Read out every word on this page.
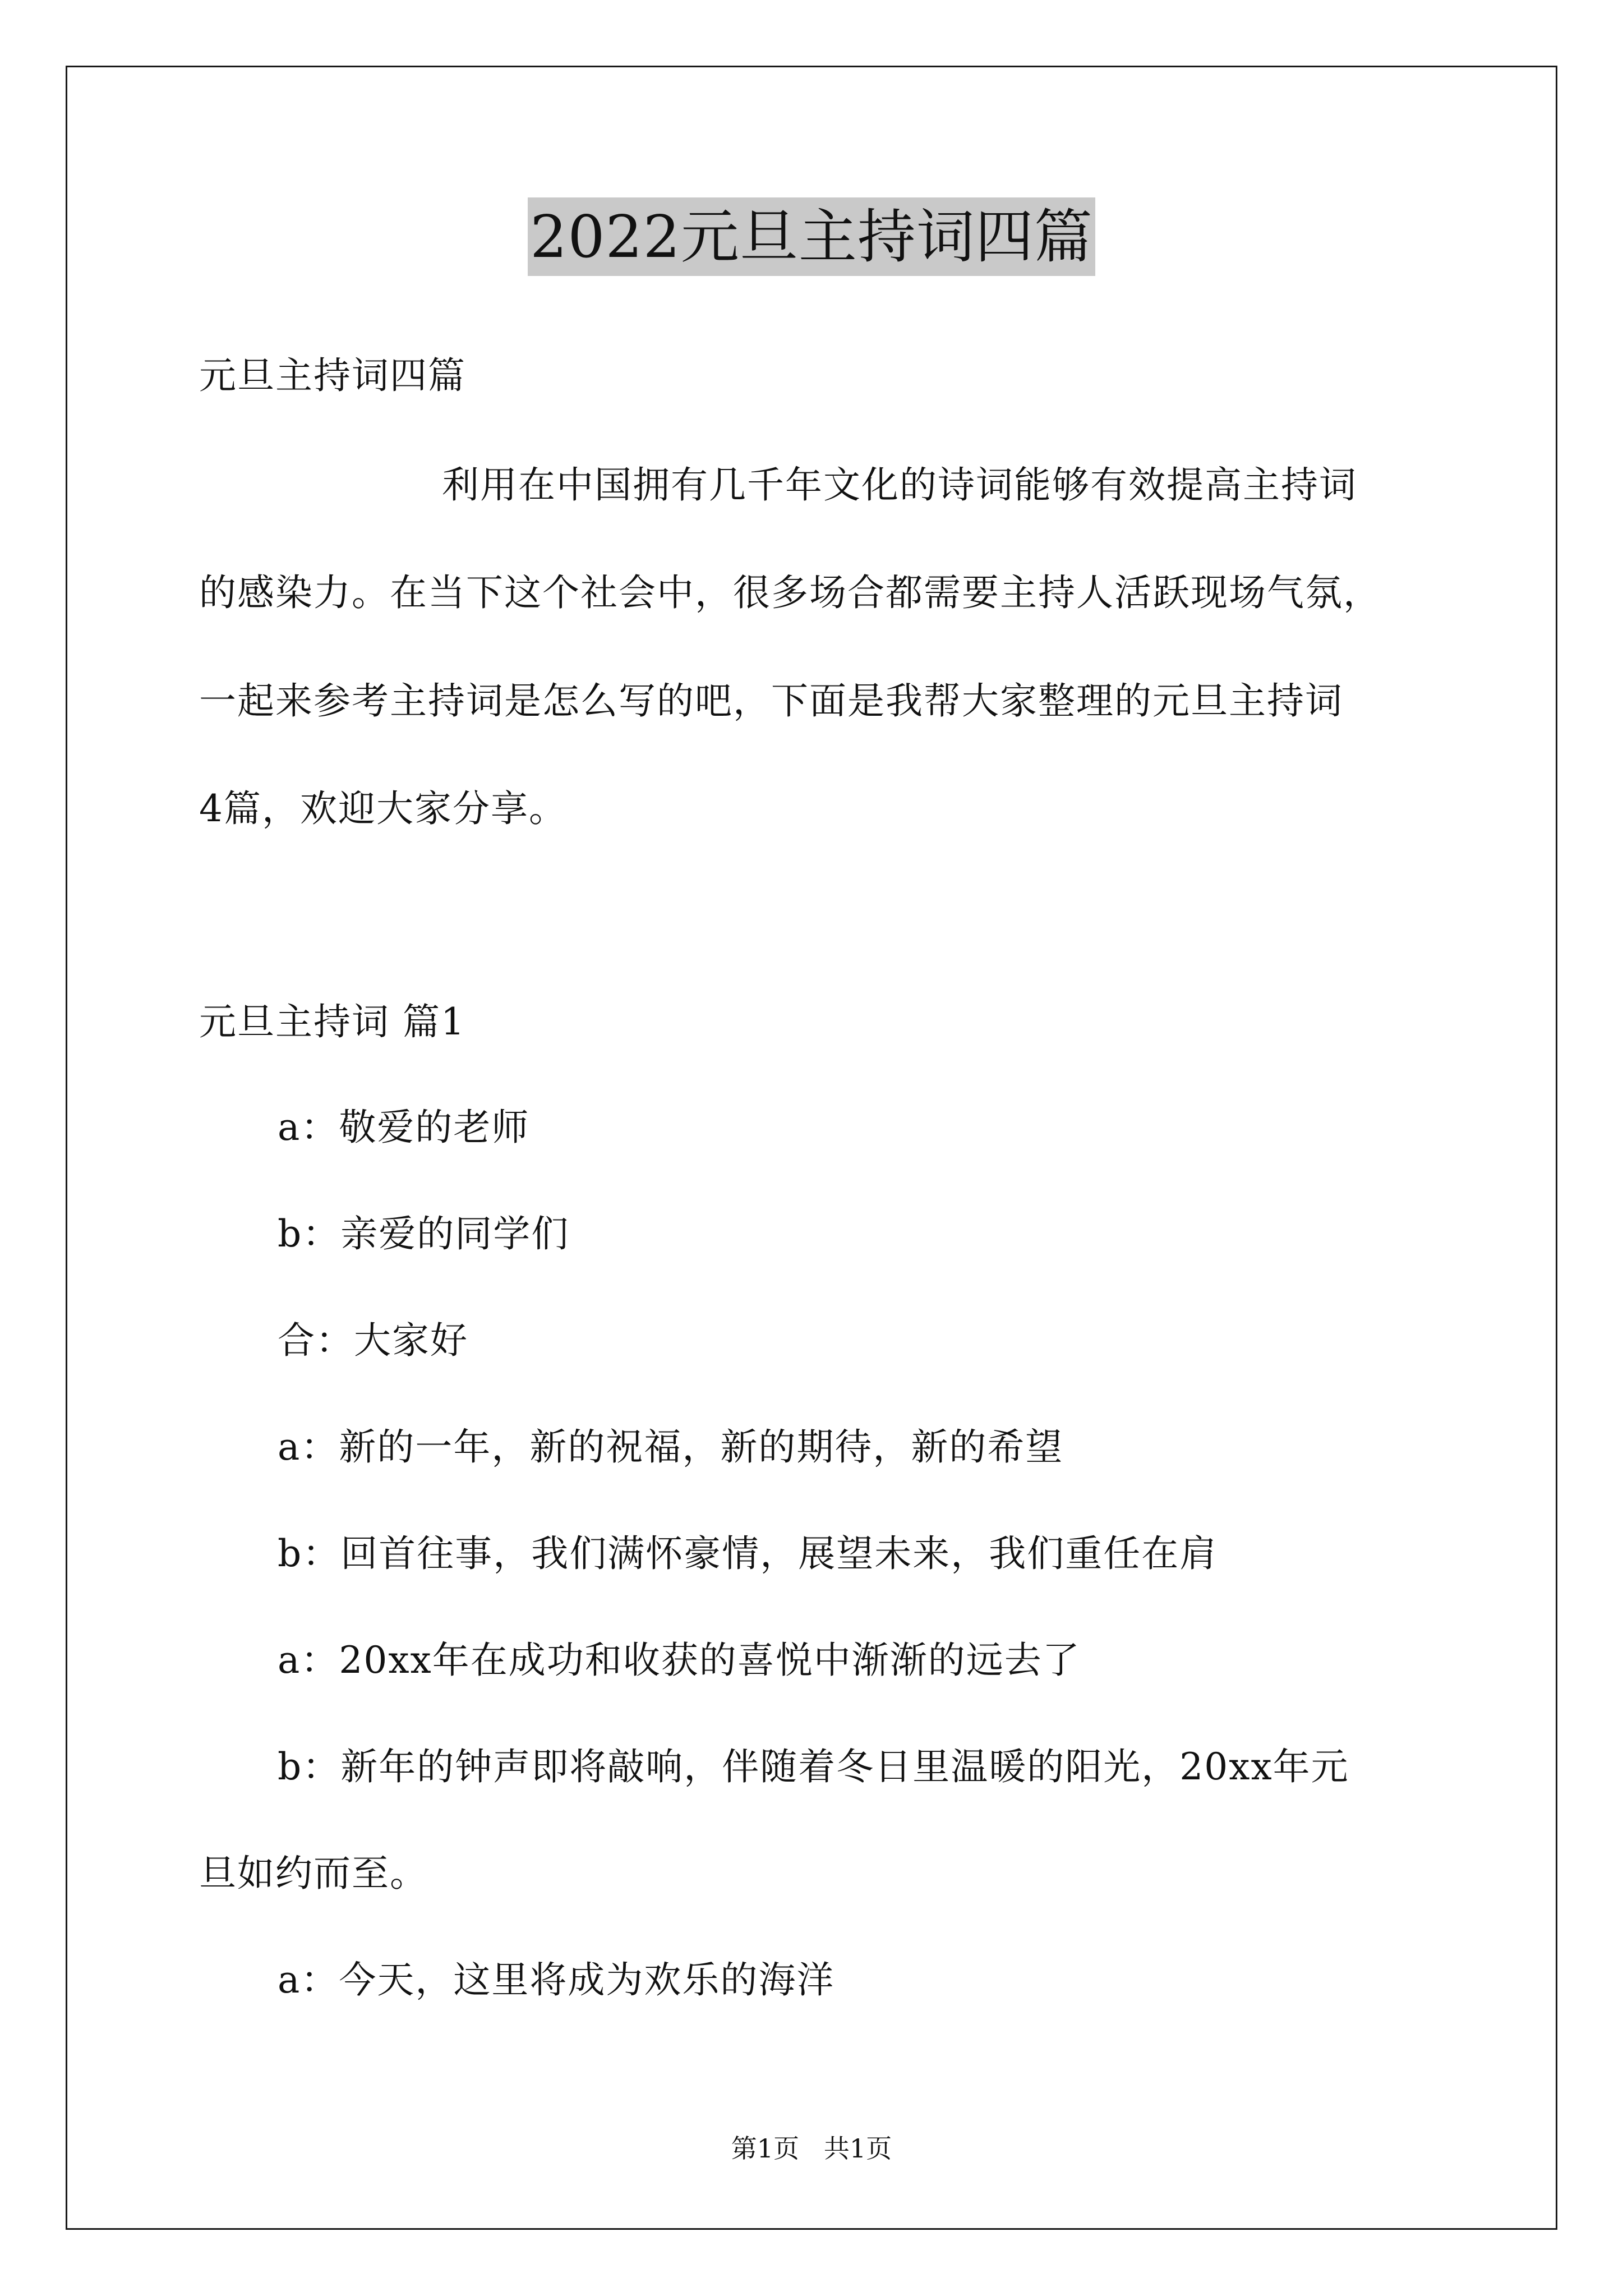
2022元旦主持词四篇
元旦主持词四篇
利用在中国拥有几千年文化的诗词能够有效提高主持词
的感染力。在当下这个社会中，很多场合都需要主持人活跃现场气氛，
一起来参考主持词是怎么写的吧，下面是我帮大家整理的元旦主持词
4篇，欢迎大家分享。
元旦主持词 篇1
a：敬爱的老师
b：亲爱的同学们
合：大家好
a：新的一年，新的祝福，新的期待，新的希望
b：回首往事，我们满怀豪情，展望未来，我们重任在肩
a：20xx年在成功和收获的喜悦中渐渐的远去了
b：新年的钟声即将敲响，伴随着冬日里温暖的阳光，20xx年元
旦如约而至。
a：今天，这里将成为欢乐的海洋
第1页   共1页
